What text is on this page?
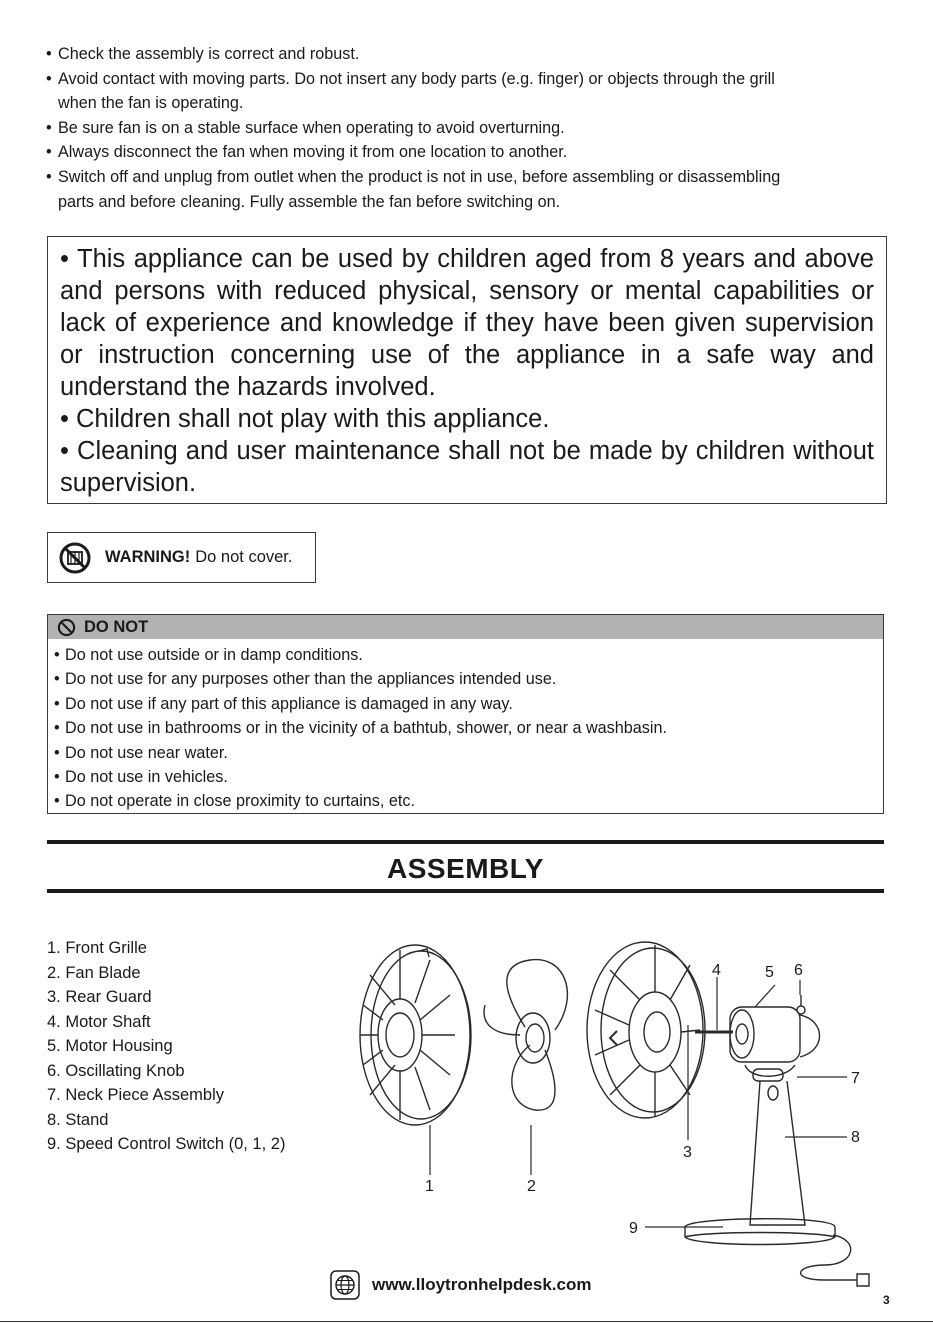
• Check the assembly is correct and robust.
• Avoid contact with moving parts. Do not insert any body parts (e.g. finger) or objects through the grill
when the fan is operating.
• Be sure fan is on a stable surface when operating to avoid overturning.
• Always disconnect the fan when moving it from one location to another.
• Switch off and unplug from outlet when the product is not in use, before assembling or disassembling
parts and before cleaning. Fully assemble the fan before switching on.

• This appliance can be used by children aged from 8 years and above and persons with reduced physical, sensory or mental capabilities or lack of experience and knowledge if they have been given supervision or instruction concerning use of the appliance in a safe way and understand the hazards involved.

• Children shall not play with this appliance.

• Cleaning and user maintenance shall not be made by children without supervision.

WARNING! Do not cover.
DO NOT
• Do not use outside or in damp conditions.
• Do not use for any purposes other than the appliances intended use.
• Do not use if any part of this appliance is damaged in any way.
• Do not use in bathrooms or in the vicinity of a bathtub, shower, or near a washbasin.
• Do not use near water.
• Do not use in vehicles.
• Do not operate in close proximity to curtains, etc.
ASSEMBLY
1. Front Grille
2. Fan Blade
3. Rear Guard
4. Motor Shaft
5. Motor Housing
6. Oscillating Knob
7. Neck Piece Assembly
8. Stand
9. Speed Control Switch (0, 1, 2)
1	2
3
4	5 6
7
8
9
www.lloytronhelpdesk.com
3
